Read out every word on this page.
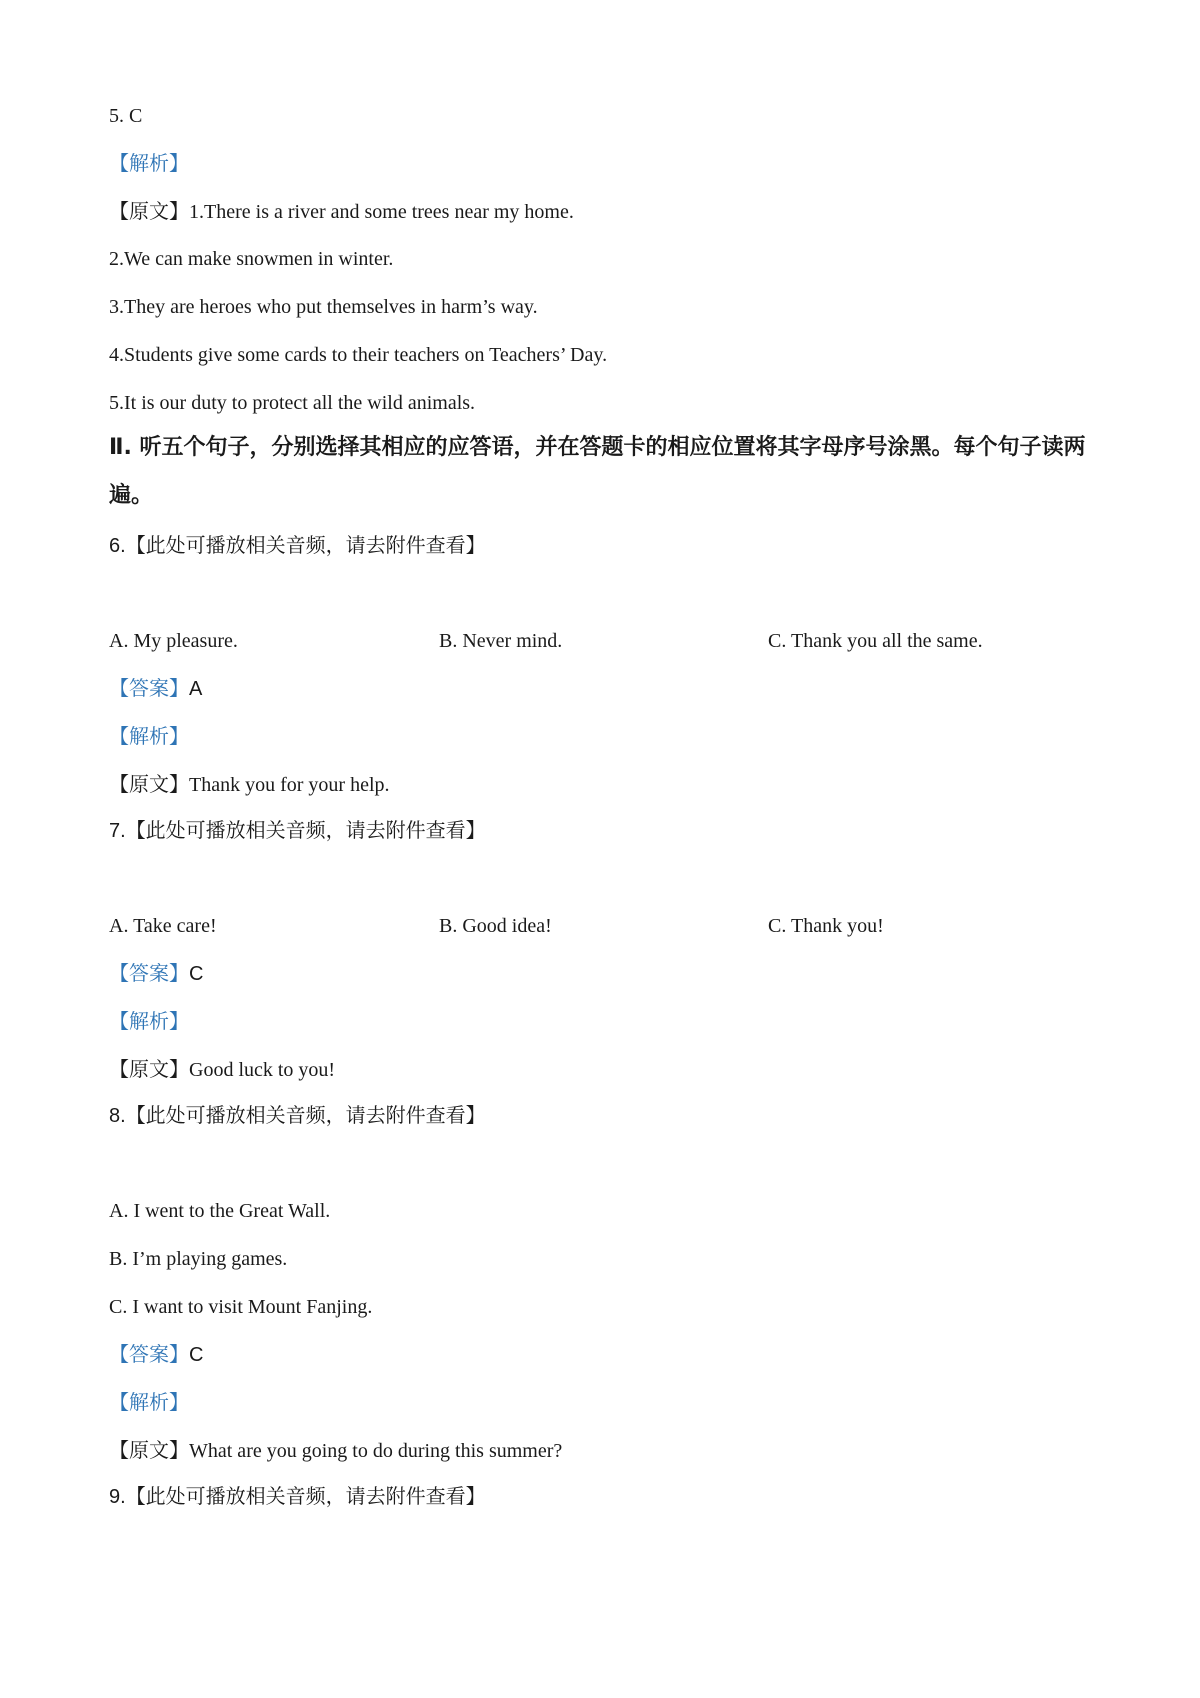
5. C
【解析】
【原文】1.There is a river and some trees near my home.
2.We can make snowmen in winter.
3.They are heroes who put themselves in harm’s way.
4.Students give some cards to their teachers on Teachers’ Day.
5.It is our duty to protect all the wild animals.
Ⅱ. 听五个句子，分别选择其相应的应答语，并在答题卡的相应位置将其字母序号涂黑。每个句子读两遍。
6.【此处可播放相关音频，请去附件查看】
A. My pleasure.	B. Never mind.	C. Thank you all the same.
【答案】A
【解析】
【原文】Thank you for your help.
7.【此处可播放相关音频，请去附件查看】
A. Take care!	B. Good idea!	C. Thank you!
【答案】C
【解析】
【原文】Good luck to you!
8.【此处可播放相关音频，请去附件查看】
A. I went to the Great Wall.
B. I’m playing games.
C. I want to visit Mount Fanjing.
【答案】C
【解析】
【原文】What are you going to do during this summer?
9.【此处可播放相关音频，请去附件查看】
